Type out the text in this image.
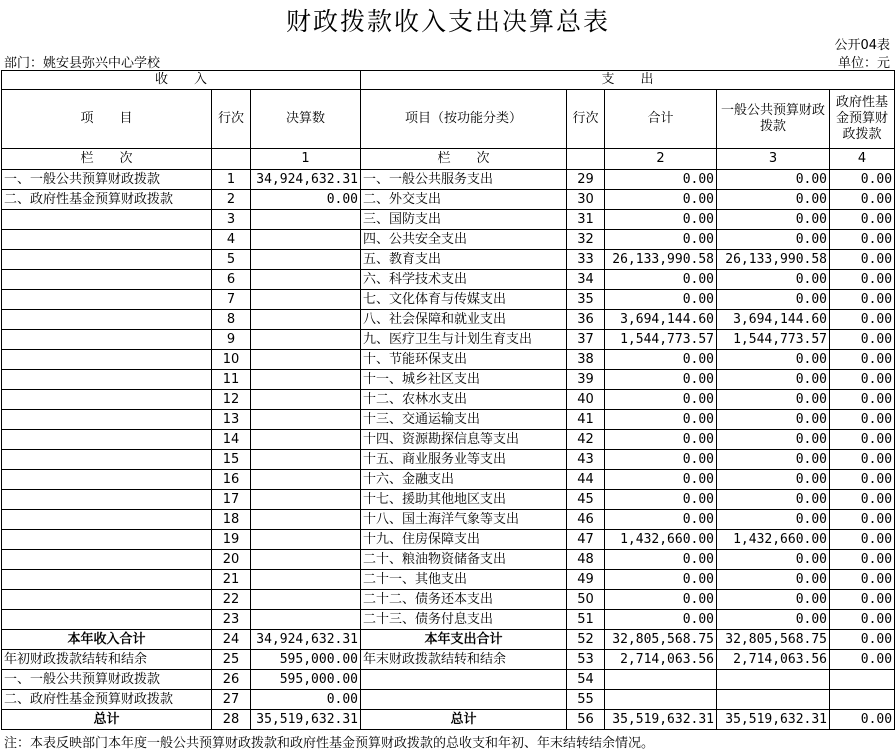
财政拨款收入支出决算总表
公开04表
部门：姚安县弥兴中心学校	单位：元
收　　入			支　　出				
项　　目	行次	决算数	项目（按功能分类）	行次	合计	一般公共预算财政拨款	政府性基金预算财政拨款
栏　　次		1	栏　　次		2	3	4
一、一般公共预算财政拨款	1	34,924,632.31	一、一般公共服务支出	29	0.00	0.00	0.00
二、政府性基金预算财政拨款	2	0.00	二、外交支出	30	0.00	0.00	0.00
	3		三、国防支出	31	0.00	0.00	0.00
	4		四、公共安全支出	32	0.00	0.00	0.00
	5		五、教育支出	33	26,133,990.58	26,133,990.58	0.00
	6		六、科学技术支出	34	0.00	0.00	0.00
	7		七、文化体育与传媒支出	35	0.00	0.00	0.00
	8		八、社会保障和就业支出	36	3,694,144.60	3,694,144.60	0.00
	9		九、医疗卫生与计划生育支出	37	1,544,773.57	1,544,773.57	0.00
	10		十、节能环保支出	38	0.00	0.00	0.00
	11		十一、城乡社区支出	39	0.00	0.00	0.00
	12		十二、农林水支出	40	0.00	0.00	0.00
	13		十三、交通运输支出	41	0.00	0.00	0.00
	14		十四、资源勘探信息等支出	42	0.00	0.00	0.00
	15		十五、商业服务业等支出	43	0.00	0.00	0.00
	16		十六、金融支出	44	0.00	0.00	0.00
	17		十七、援助其他地区支出	45	0.00	0.00	0.00
	18		十八、国土海洋气象等支出	46	0.00	0.00	0.00
	19		十九、住房保障支出	47	1,432,660.00	1,432,660.00	0.00
	20		二十、粮油物资储备支出	48	0.00	0.00	0.00
	21		二十一、其他支出	49	0.00	0.00	0.00
	22		二十二、债务还本支出	50	0.00	0.00	0.00
	23		二十三、债务付息支出	51	0.00	0.00	0.00
本年收入合计	24	34,924,632.31	本年支出合计	52	32,805,568.75	32,805,568.75	0.00
年初财政拨款结转和结余	25	595,000.00	年末财政拨款结转和结余	53	2,714,063.56	2,714,063.56	0.00
一、一般公共预算财政拨款	26	595,000.00		54			
二、政府性基金预算财政拨款	27	0.00		55			
总计	28	35,519,632.31	总计	56	35,519,632.31	35,519,632.31	0.00
注：本表反映部门本年度一般公共预算财政拨款和政府性基金预算财政拨款的总收支和年初、年末结转结余情况。
